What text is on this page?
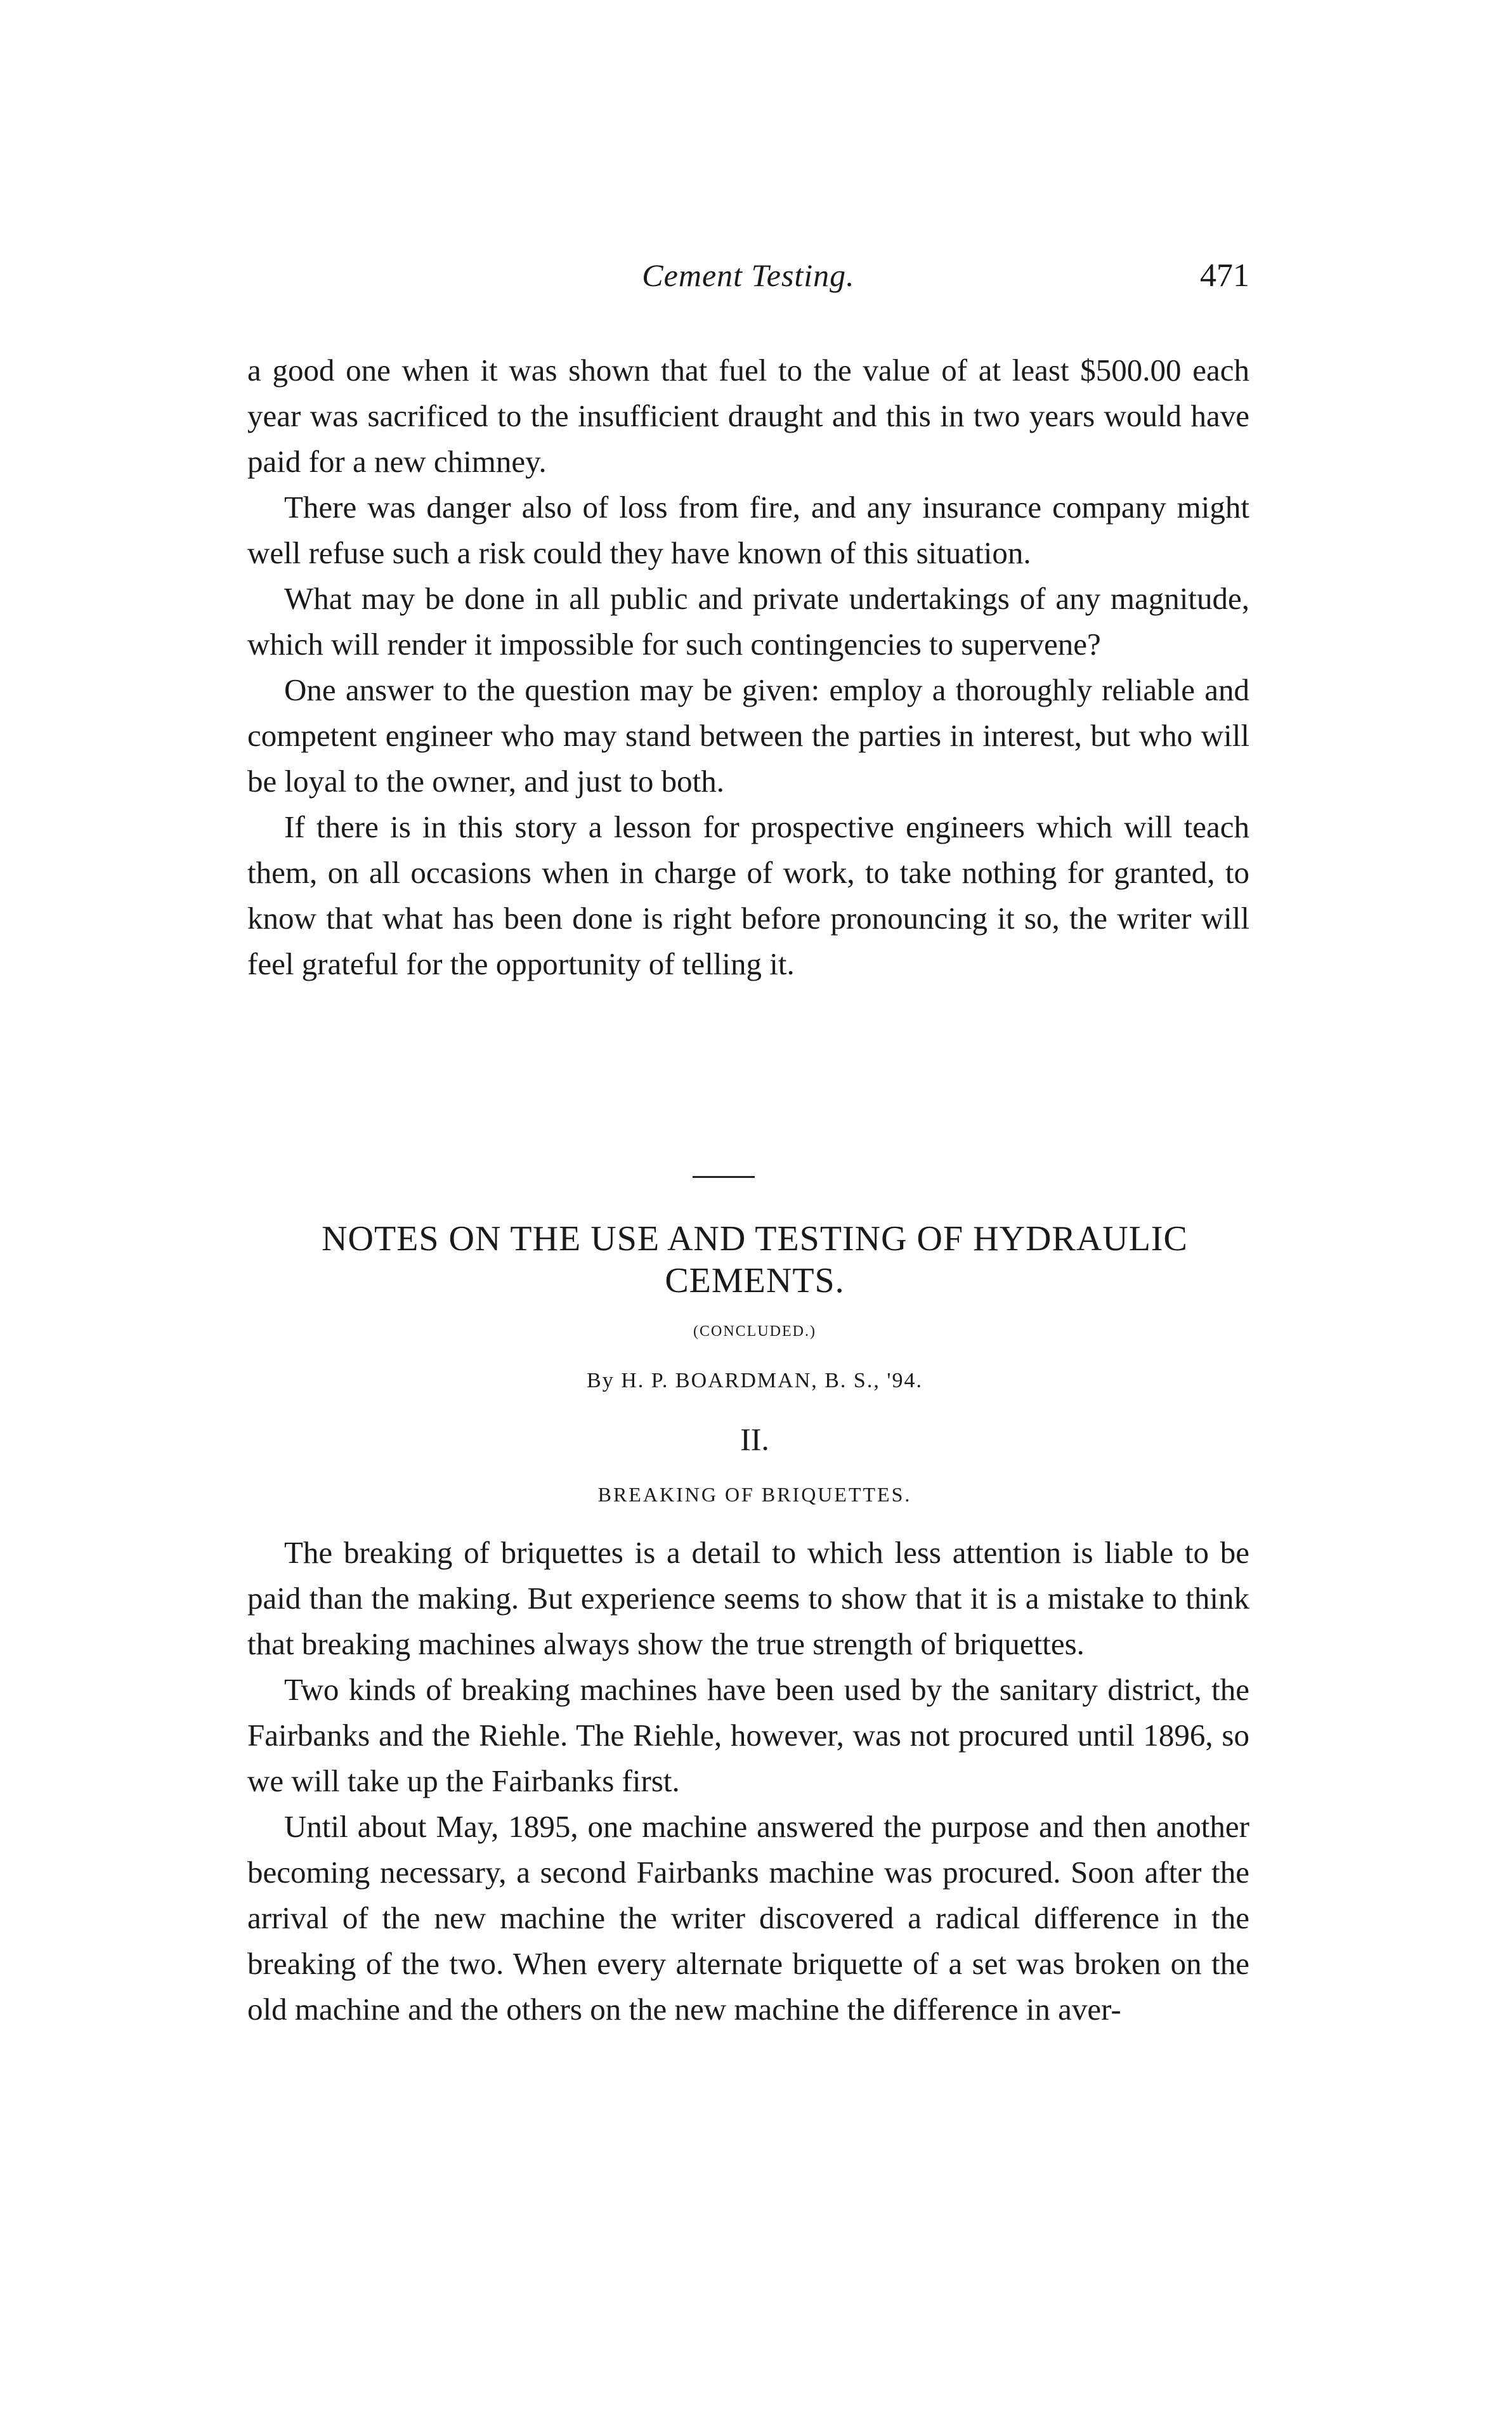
Cement Testing.	471

a good one when it was shown that fuel to the value of at least $500.00 each year was sacrificed to the insufficient draught and this in two years would have paid for a new chimney.

There was danger also of loss from fire, and any insurance company might well refuse such a risk could they have known of this situation.

What may be done in all public and private undertakings of any magnitude, which will render it impossible for such contingencies to supervene?

One answer to the question may be given: employ a thoroughly reliable and competent engineer who may stand between the parties in interest, but who will be loyal to the owner, and just to both.

If there is in this story a lesson for prospective engineers which will teach them, on all occasions when in charge of work, to take nothing for granted, to know that what has been done is right before pronouncing it so, the writer will feel grateful for the opportunity of telling it.

NOTES ON THE USE AND TESTING OF HYDRAULIC CEMENTS.
(CONCLUDED.)
By H. P. BOARDMAN, B. S., '94.
II.
BREAKING OF BRIQUETTES.

The breaking of briquettes is a detail to which less attention is liable to be paid than the making. But experience seems to show that it is a mistake to think that breaking machines always show the true strength of briquettes.

Two kinds of breaking machines have been used by the sanitary district, the Fairbanks and the Riehle. The Riehle, however, was not procured until 1896, so we will take up the Fairbanks first.

Until about May, 1895, one machine answered the purpose and then another becoming necessary, a second Fairbanks machine was procured. Soon after the arrival of the new machine the writer discovered a radical difference in the breaking of the two. When every alternate briquette of a set was broken on the old machine and the others on the new machine the difference in aver-
